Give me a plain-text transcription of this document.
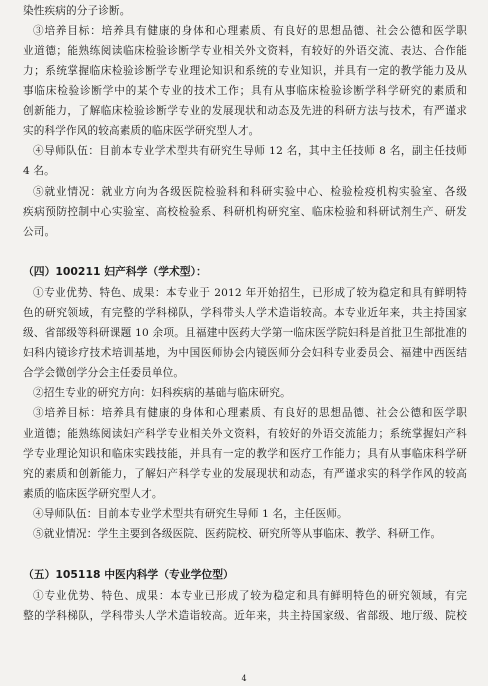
染性疾病的分子诊断。
③培养目标：培养具有健康的身体和心理素质、有良好的思想品德、社会公德和医学职
业道德；能熟练阅读临床检验诊断学专业相关外文资料，有较好的外语交流、表达、合作能
力；系统掌握临床检验诊断学专业理论知识和系统的专业知识，并具有一定的教学能力及从
事临床检验诊断学中的某个专业的技术工作；具有从事临床检验诊断学科学研究的素质和
创新能力，了解临床检验诊断学专业的发展现状和动态及先进的科研方法与技术，有严谨求
实的科学作风的较高素质的临床医学研究型人才。
④导师队伍：目前本专业学术型共有研究生导师 12 名，其中主任技师 8 名，副主任技师
4 名。
⑤就业情况：就业方向为各级医院检验科和科研实验中心、检验检疫机构实验室、各级
疾病预防控制中心实验室、高校检验系、科研机构研究室、临床检验和科研试剂生产、研发
公司。
（四）100211 妇产科学（学术型）：
①专业优势、特色、成果：本专业于 2012 年开始招生，已形成了较为稳定和具有鲜明特
色的研究领域，有完整的学科梯队，学科带头人学术造诣较高。本专业近年来，共主持国家
级、省部级等科研课题 10 余项。且福建中医药大学第一临床医学院妇科是首批卫生部批准的
妇科内镜诊疗技术培训基地，为中国医师协会内镜医师分会妇科专业委员会、福建中西医结
合学会微创学分会主任委员单位。
②招生专业的研究方向：妇科疾病的基础与临床研究。
③培养目标：培养具有健康的身体和心理素质、有良好的思想品德、社会公德和医学职
业道德；能熟练阅读妇产科学专业相关外文资料，有较好的外语交流能力；系统掌握妇产科
学专业理论知识和临床实践技能，并具有一定的教学和医疗工作能力；具有从事临床科学研
究的素质和创新能力，了解妇产科学专业的发展现状和动态，有严谨求实的科学作风的较高
素质的临床医学研究型人才。
④导师队伍：目前本专业学术型共有研究生导师 1 名，主任医师。
⑤就业情况：学生主要到各级医院、医药院校、研究所等从事临床、教学、科研工作。
（五）105118 中医内科学（专业学位型）
①专业优势、特色、成果：本专业已形成了较为稳定和具有鲜明特色的研究领域，有完
整的学科梯队，学科带头人学术造诣较高。近年来，共主持国家级、省部级、地厅级、院校
4
